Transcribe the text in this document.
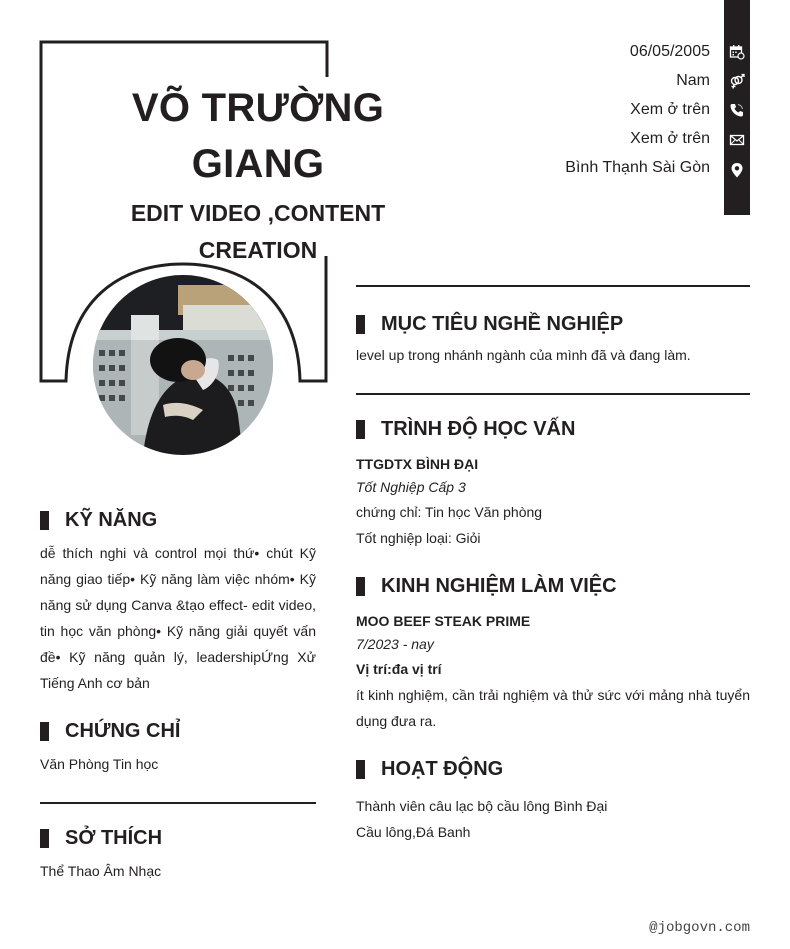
VÕ TRƯỜNG
GIANG
EDIT VIDEO ,CONTENT
CREATION
06/05/2005
Nam
Xem ở trên
Xem ở trên
Bình Thạnh Sài Gòn
KỸ NĂNG
dễ thích nghi và control mọi thứ• chút Kỹ năng giao tiếp• Kỹ năng làm việc nhóm• Kỹ năng sử dụng Canva &tạo effect- edit video, tin học văn phòng• Kỹ năng giải quyết vấn đề• Kỹ năng quản lý, leadershipỨng Xử Tiếng Anh cơ bản
CHỨNG CHỈ
Văn Phòng Tin học
SỞ THÍCH
Thể Thao Âm Nhạc
MỤC TIÊU NGHỀ NGHIỆP
level up trong nhánh ngành của mình đã và đang làm.
TRÌNH ĐỘ HỌC VẤN
TTGDTX BÌNH ĐẠI
Tốt Nghiệp Cấp 3
chứng chỉ: Tin học Văn phòng
Tốt nghiệp loại: Giỏi
KINH NGHIỆM LÀM VIỆC
MOO BEEF STEAK PRIME
7/2023 - nay
Vị trí:đa vị trí
ít kinh nghiệm, cần trải nghiệm và thử sức với mảng nhà tuyển dụng đưa ra.
HOẠT ĐỘNG
Thành viên câu lạc bộ cầu lông Bình Đại
Cầu lông,Đá Banh
@jobgovn.com
